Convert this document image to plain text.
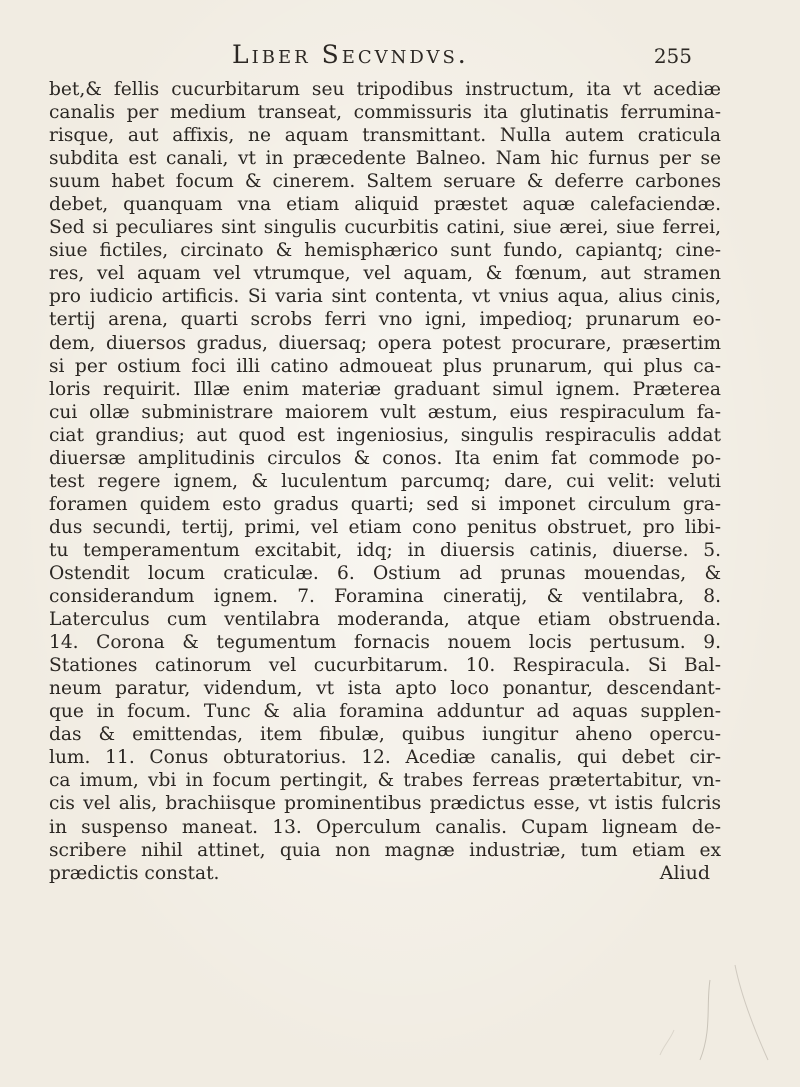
Liber Secvndvs.	255
bet,& fellis cucurbitarum seu tripodibus instructum, ita vt acediæ
canalis per medium transeat, commissuris ita glutinatis ferrumina-
risque, aut affixis, ne aquam transmittant. Nulla autem craticula
subdita est canali, vt in præcedente Balneo. Nam hic furnus per se
suum habet focum & cinerem. Saltem seruare & deferre carbones
debet, quanquam vna etiam aliquid præstet aquæ calefaciendæ.
Sed si peculiares sint singulis cucurbitis catini, siue ærei, siue ferrei,
siue fictiles, circinato & hemisphærico sunt fundo, capiantq; cine-
res, vel aquam vel vtrumque, vel aquam, & fœnum, aut stramen
pro iudicio artificis. Si varia sint contenta, vt vnius aqua, alius cinis,
tertij arena, quarti scrobs ferri vno igni, impedioq; prunarum eo-
dem, diuersos gradus, diuersaq; opera potest procurare, præsertim
si per ostium foci illi catino admoueat plus prunarum, qui plus ca-
loris requirit. Illæ enim materiæ graduant simul ignem. Præterea
cui ollæ subministrare maiorem vult æstum, eius respiraculum fa-
ciat grandius; aut quod est ingeniosius, singulis respiraculis addat
diuersæ amplitudinis circulos & conos. Ita enim fat commode po-
test regere ignem, & luculentum parcumq; dare, cui velit: veluti
foramen quidem esto gradus quarti; sed si imponet circulum gra-
dus secundi, tertij, primi, vel etiam cono penitus obstruet, pro libi-
tu temperamentum excitabit, idq; in diuersis catinis, diuerse. 5.
Ostendit locum craticulæ. 6. Ostium ad prunas mouendas, &
considerandum ignem. 7. Foramina cineratij, & ventilabra, 8.
Laterculus cum ventilabra moderanda, atque etiam obstruenda.
14. Corona & tegumentum fornacis nouem locis pertusum. 9.
Stationes catinorum vel cucurbitarum. 10. Respiracula. Si Bal-
neum paratur, videndum, vt ista apto loco ponantur, descendant-
que in focum. Tunc & alia foramina adduntur ad aquas supplen-
das & emittendas, item fibulæ, quibus iungitur aheno opercu-
lum. 11. Conus obturatorius. 12. Acediæ canalis, qui debet cir-
ca imum, vbi in focum pertingit, & trabes ferreas prætertabitur, vn-
cis vel alis, brachiisque prominentibus prædictus esse, vt istis fulcris
in suspenso maneat. 13. Operculum canalis. Cupam ligneam de-
scribere nihil attinet, quia non magnæ industriæ, tum etiam ex
prædictis constat.	Aliud
